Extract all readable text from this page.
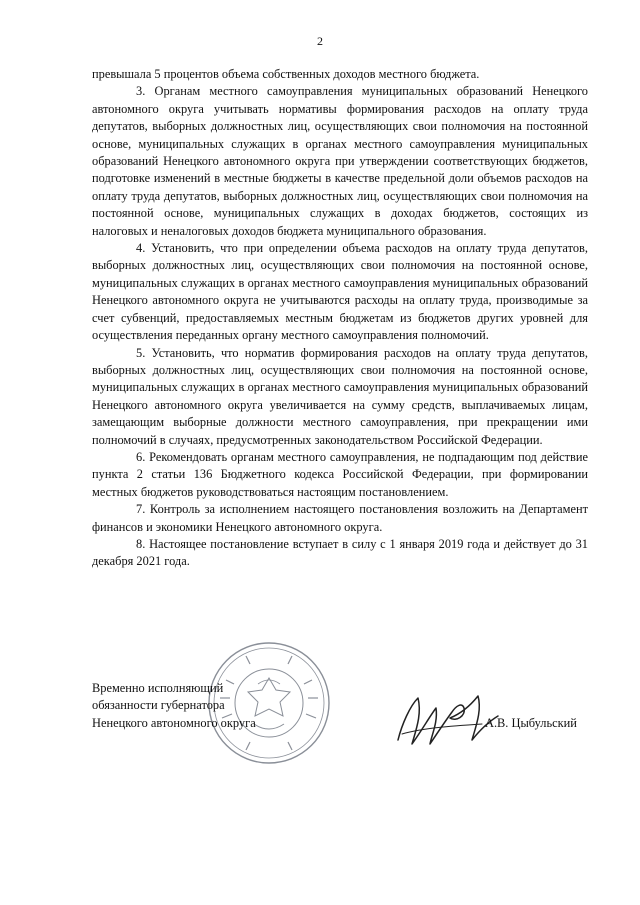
2

превышала 5 процентов объема собственных доходов местного бюджета.

3. Органам местного самоуправления муниципальных образований Ненецкого автономного округа учитывать нормативы формирования расходов на оплату труда депутатов, выборных должностных лиц, осуществляющих свои полномочия на постоянной основе, муниципальных служащих в органах местного самоуправления муниципальных образований Ненецкого автономного округа при утверждении соответствующих бюджетов, подготовке изменений в местные бюджеты в качестве предельной доли объемов расходов на оплату труда депутатов, выборных должностных лиц, осуществляющих свои полномочия на постоянной основе, муниципальных служащих в доходах бюджетов, состоящих из налоговых и неналоговых доходов бюджета муниципального образования.

4. Установить, что при определении объема расходов на оплату труда депутатов, выборных должностных лиц, осуществляющих свои полномочия на постоянной основе, муниципальных служащих в органах местного самоуправления муниципальных образований Ненецкого автономного округа не учитываются расходы на оплату труда, производимые за счет субвенций, предоставляемых местным бюджетам из бюджетов других уровней для осуществления переданных органу местного самоуправления полномочий.

5. Установить, что норматив формирования расходов на оплату труда депутатов, выборных должностных лиц, осуществляющих свои полномочия на постоянной основе, муниципальных служащих в органах местного самоуправления муниципальных образований Ненецкого автономного округа увеличивается на сумму средств, выплачиваемых лицам, замещающим выборные должности местного самоуправления, при прекращении ими полномочий в случаях, предусмотренных законодательством Российской Федерации.

6. Рекомендовать органам местного самоуправления, не подпадающим под действие пункта 2 статьи 136 Бюджетного кодекса Российской Федерации, при формировании местных бюджетов руководствоваться настоящим постановлением.

7. Контроль за исполнением настоящего постановления возложить на Департамент финансов и экономики Ненецкого автономного округа.

8. Настоящее постановление вступает в силу с 1 января 2019 года и действует до 31 декабря 2021 года.

Временно исполняющий
обязанности губернатора
Ненецкого автономного округа	А.В. Цыбульский
